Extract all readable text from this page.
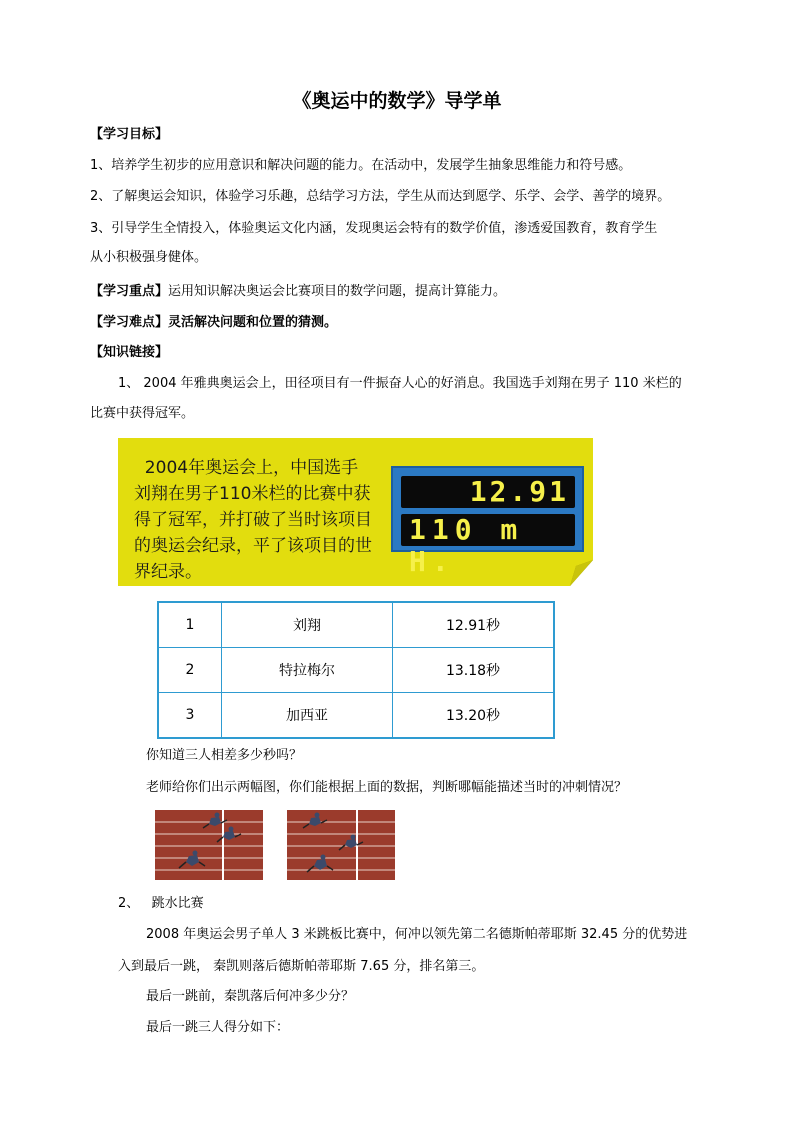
《奥运中的数学》导学单
【学习目标】
1、培养学生初步的应用意识和解决问题的能力。在活动中，发展学生抽象思维能力和符号感。
2、了解奥运会知识，体验学习乐趣，总结学习方法，学生从而达到愿学、乐学、会学、善学的境界。
3、引导学生全情投入，体验奥运文化内涵，发现奥运会特有的数学价值，渗透爱国教育，教育学生
从小积极强身健体。
【学习重点】运用知识解决奥运会比赛项目的数学问题，提高计算能力。
【学习难点】灵活解决问题和位置的猜测。
【知识链接】
1、 2004 年雅典奥运会上，田径项目有一件振奋人心的好消息。我国选手刘翔在男子 110 米栏的
比赛中获得冠军。
2004年奥运会上，中国选手
刘翔在男子110米栏的比赛中获
得了冠军，并打破了当时该项目
的奥运会纪录，平了该项目的世
界纪录。
12.91
110 m H.
1	刘翔	12.91秒
2	特拉梅尔	13.18秒
3	加西亚	13.20秒
你知道三人相差多少秒吗？
老师给你们出示两幅图，你们能根据上面的数据，判断哪幅能描述当时的冲刺情况？
2、   跳水比赛
2008 年奥运会男子单人 3 米跳板比赛中，何冲以领先第二名德斯帕蒂耶斯 32.45 分的优势进
入到最后一跳， 秦凯则落后德斯帕蒂耶斯 7.65 分，排名第三。
最后一跳前，秦凯落后何冲多少分？
最后一跳三人得分如下：
